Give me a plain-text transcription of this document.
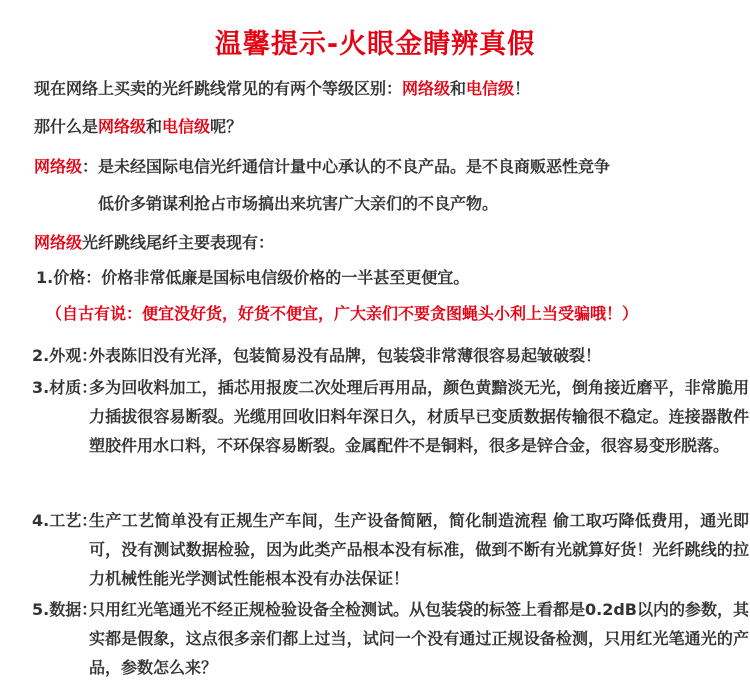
温馨提示-火眼金睛辨真假
现在网络上买卖的光纤跳线常见的有两个等级区别：网络级和电信级！
那什么是网络级和电信级呢？
网络级：是未经国际电信光纤通信计量中心承认的不良产品。是不良商贩恶性竞争
低价多销谋利抢占市场搞出来坑害广大亲们的不良产物。
网络级光纤跳线尾纤主要表现有：
1.价格：价格非常低廉是国标电信级价格的一半甚至更便宜。
（自古有说：便宜没好货，好货不便宜，广大亲们不要贪图蝇头小利上当受骗哦！）
2.外观：
外表陈旧没有光泽，包装简易没有品牌，包装袋非常薄很容易起皱破裂！
3.材质：
多为回收料加工，插芯用报废二次处理后再用品，颜色黄黯淡无光，倒角接近磨平，非常脆用力插拔很容易断裂。光缆用回收旧料年深日久，材质早已变质数据传输很不稳定。连接器散件塑胶件用水口料，不环保容易断裂。金属配件不是铜料，很多是锌合金，很容易变形脱落。
4.工艺：
生产工艺简单没有正规生产车间，生产设备简陋，简化制造流程 偷工取巧降低费用，通光即可，没有测试数据检验，因为此类产品根本没有标准，做到不断有光就算好货！光纤跳线的拉力机械性能光学测试性能根本没有办法保证！
5.数据：
只用红光笔通光不经正规检验设备全检测试。从包装袋的标签上看都是0.2dB以内的参数，其实都是假象，这点很多亲们都上过当，试问一个没有通过正规设备检测，只用红光笔通光的产品，参数怎么来？
